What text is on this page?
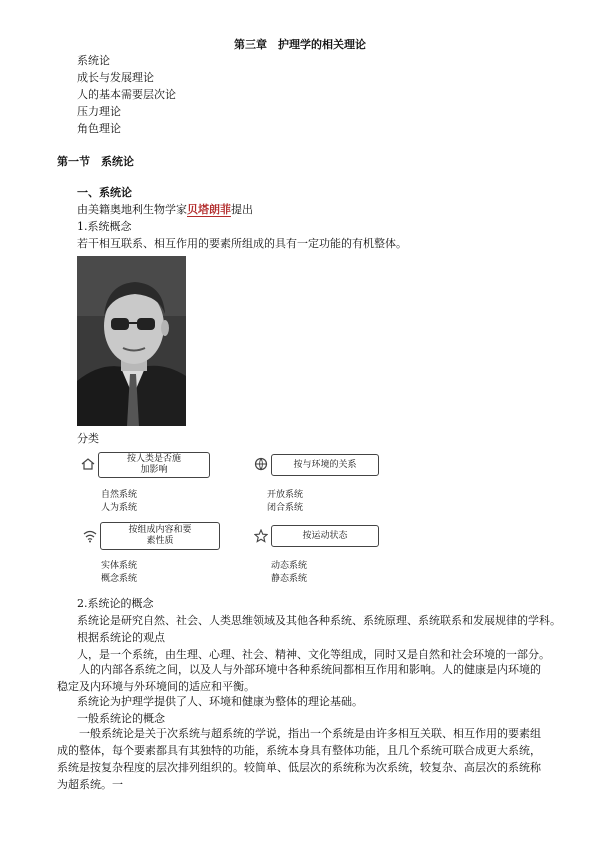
第三章　护理学的相关理论
系统论
成长与发展理论
人的基本需要层次论
压力理论
角色理论
第一节　系统论
一、系统论
由美籍奥地利生物学家贝塔朗菲提出
1.系统概念
若干相互联系、相互作用的要素所组成的具有一定功能的有机整体。
分类
按人类是否施加影响
自然系统
人为系统
按与环境的关系
开放系统
闭合系统
按组成内容和要素性质
实体系统
概念系统
按运动状态
动态系统
静态系统
2.系统论的概念
系统论是研究自然、社会、人类思维领域及其他各种系统、系统原理、系统联系和发展规律的学科。
根据系统论的观点
人，是一个系统，由生理、心理、社会、精神、文化等组成，同时又是自然和社会环境的一部分。
人的内部各系统之间，以及人与外部环境中各种系统间都相互作用和影响。人的健康是内环境的稳定及内环境与外环境间的适应和平衡。
系统论为护理学提供了人、环境和健康为整体的理论基础。
一般系统论的概念
一般系统论是关于次系统与超系统的学说，指出一个系统是由许多相互关联、相互作用的要素组成的整体，每个要素都具有其独特的功能，系统本身具有整体功能，且几个系统可联合成更大系统，系统是按复杂程度的层次排列组织的。较简单、低层次的系统称为次系统，较复杂、高层次的系统称为超系统。一
